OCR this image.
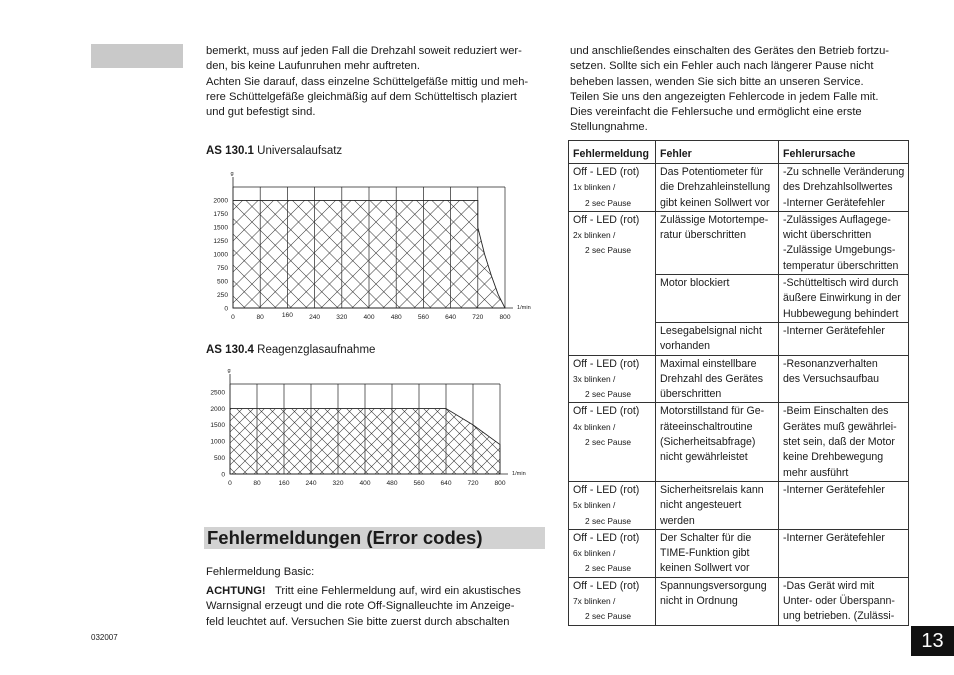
bemerkt, muss auf jeden Fall die Drehzahl soweit reduziert wer-

den, bis keine Laufunruhen mehr auftreten.

Achten Sie darauf, dass einzelne Schüttelgefäße mittig und meh-

rere Schüttelgefäße gleichmäßig auf dem Schütteltisch plaziert

und gut befestigt sind.

AS 130.1 Universalaufsatz
0
250
500
750
1000
1250
1500
1750
2000
0	80	160 240 320 400 480 560 640 720 800
g
1/min
AS 130.4 Reagenzglasaufnahme
0
500
1000
1500
2000
2500
0	80	160 240 320 400 480 560 640 720 800
g
1/min
Fehlermeldungen (Error codes)
Fehlermeldung Basic:

ACHTUNG! Tritt eine Fehlermeldung auf, wird ein akustisches

Warnsignal erzeugt und die rote Off-Signalleuchte im Anzeige-

feld leuchtet auf. Versuchen Sie bitte zuerst durch abschalten

und anschließendes einschalten des Gerätes den Betrieb fortzu-

setzen. Sollte sich ein Fehler auch nach längerer Pause nicht

beheben lassen, wenden Sie sich bitte an unseren Service.

Teilen Sie uns den angezeigten Fehlercode in jedem Falle mit.

Dies vereinfacht die Fehlersuche und ermöglicht eine erste

Stellungnahme.

Fehlermeldung	Fehler	Fehlerursache

Off - LED (rot)
1x blinken /
2 sec Pause	Das Potentiometer für
die Drehzahleinstellung
gibt keinen Sollwert vor	-Zu schnelle Veränderung
des Drehzahlsollwertes
-Interner Gerätefehler

Off - LED (rot)
2x blinken /
2 sec Pause	Zulässige Motortempe-
ratur überschritten	-Zulässiges Auflagege-
wicht überschritten
-Zulässige Umgebungs-
temperatur überschritten

	Motor blockiert	-Schütteltisch wird durch
äußere Einwirkung in der
Hubbewegung behindert

	Lesegabelsignal nicht
vorhanden	-Interner Gerätefehler

Off - LED (rot)
3x blinken /
2 sec Pause	Maximal einstellbare
Drehzahl des Gerätes
überschritten	-Resonanzverhalten
des Versuchsaufbau

Off - LED (rot)
4x blinken /
2 sec Pause	Motorstillstand für Ge-
räteeinschaltroutine
(Sicherheitsabfrage)
nicht gewährleistet	-Beim Einschalten des
Gerätes muß gewährlei-
stet sein, daß der Motor
keine Drehbewegung
mehr ausführt

Off - LED (rot)
5x blinken /
2 sec Pause	Sicherheitsrelais kann
nicht angesteuert
werden	-Interner Gerätefehler

Off - LED (rot)
6x blinken /
2 sec Pause	Der Schalter für die
TIME-Funktion gibt
keinen Sollwert vor	-Interner Gerätefehler

Off - LED (rot)
7x blinken /
2 sec Pause	Spannungsversorgung
nicht in Ordnung	-Das Gerät wird mit
Unter- oder Überspann-
ung betrieben. (Zulässi-
032007	13
